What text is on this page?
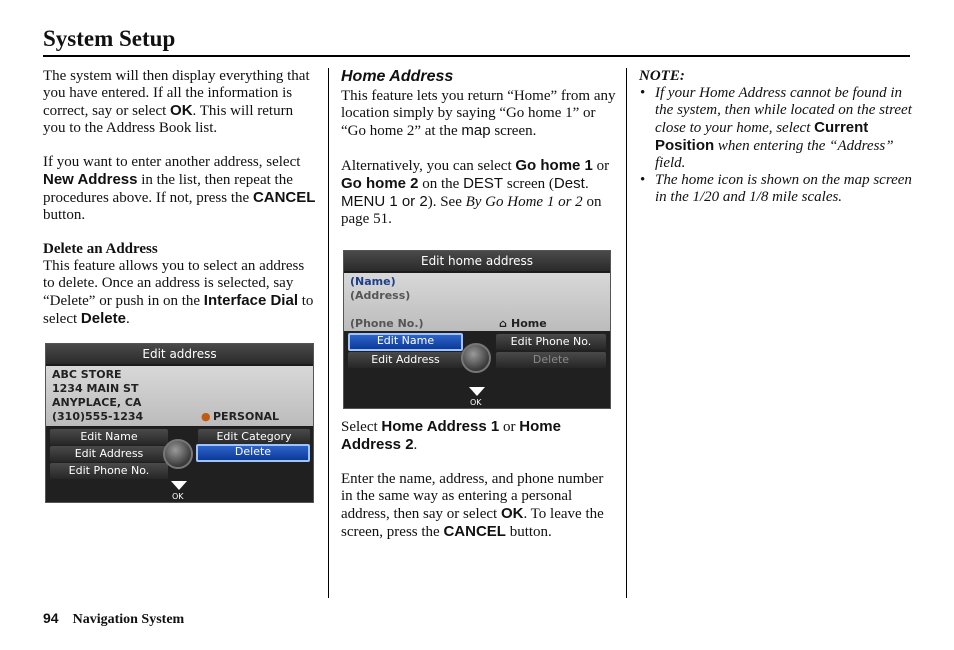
System Setup

The system will then display everything that you have entered. If all the information is correct, say or select OK. This will return you to the Address Book list.

If you want to enter another address, select New Address in the list, then repeat the procedures above. If not, press the CANCEL button.

Delete an Address

This feature allows you to select an address to delete. Once an address is selected, say “Delete” or push in on the Interface Dial to select Delete.

Edit address
ABC STORE
1234 MAIN ST
ANYPLACE, CA
(310)555-1234	● PERSONAL
Edit Name
Edit Address
Edit Phone No.
Edit Category
Delete
OK

Home Address

This feature lets you return “Home” from any location simply by saying “Go home 1” or “Go home 2” at the map screen.

Alternatively, you can select Go home 1 or Go home 2 on the DEST screen (Dest. MENU 1 or 2). See By Go Home 1 or 2 on page 51.

Edit home address
(Name)
(Address)
(Phone No.)	⌂ Home
Edit Name
Edit Address
Edit Phone No.
Delete
OK

Select Home Address 1 or Home Address 2.

Enter the name, address, and phone number in the same way as entering a personal address, then say or select OK. To leave the screen, press the CANCEL button.

NOTE:

• If your Home Address cannot be found in the system, then while located on the street close to your home, select Current Position when entering the “Address” field.
• The home icon is shown on the map screen in the 1/20 and 1/8 mile scales.
94 Navigation System
